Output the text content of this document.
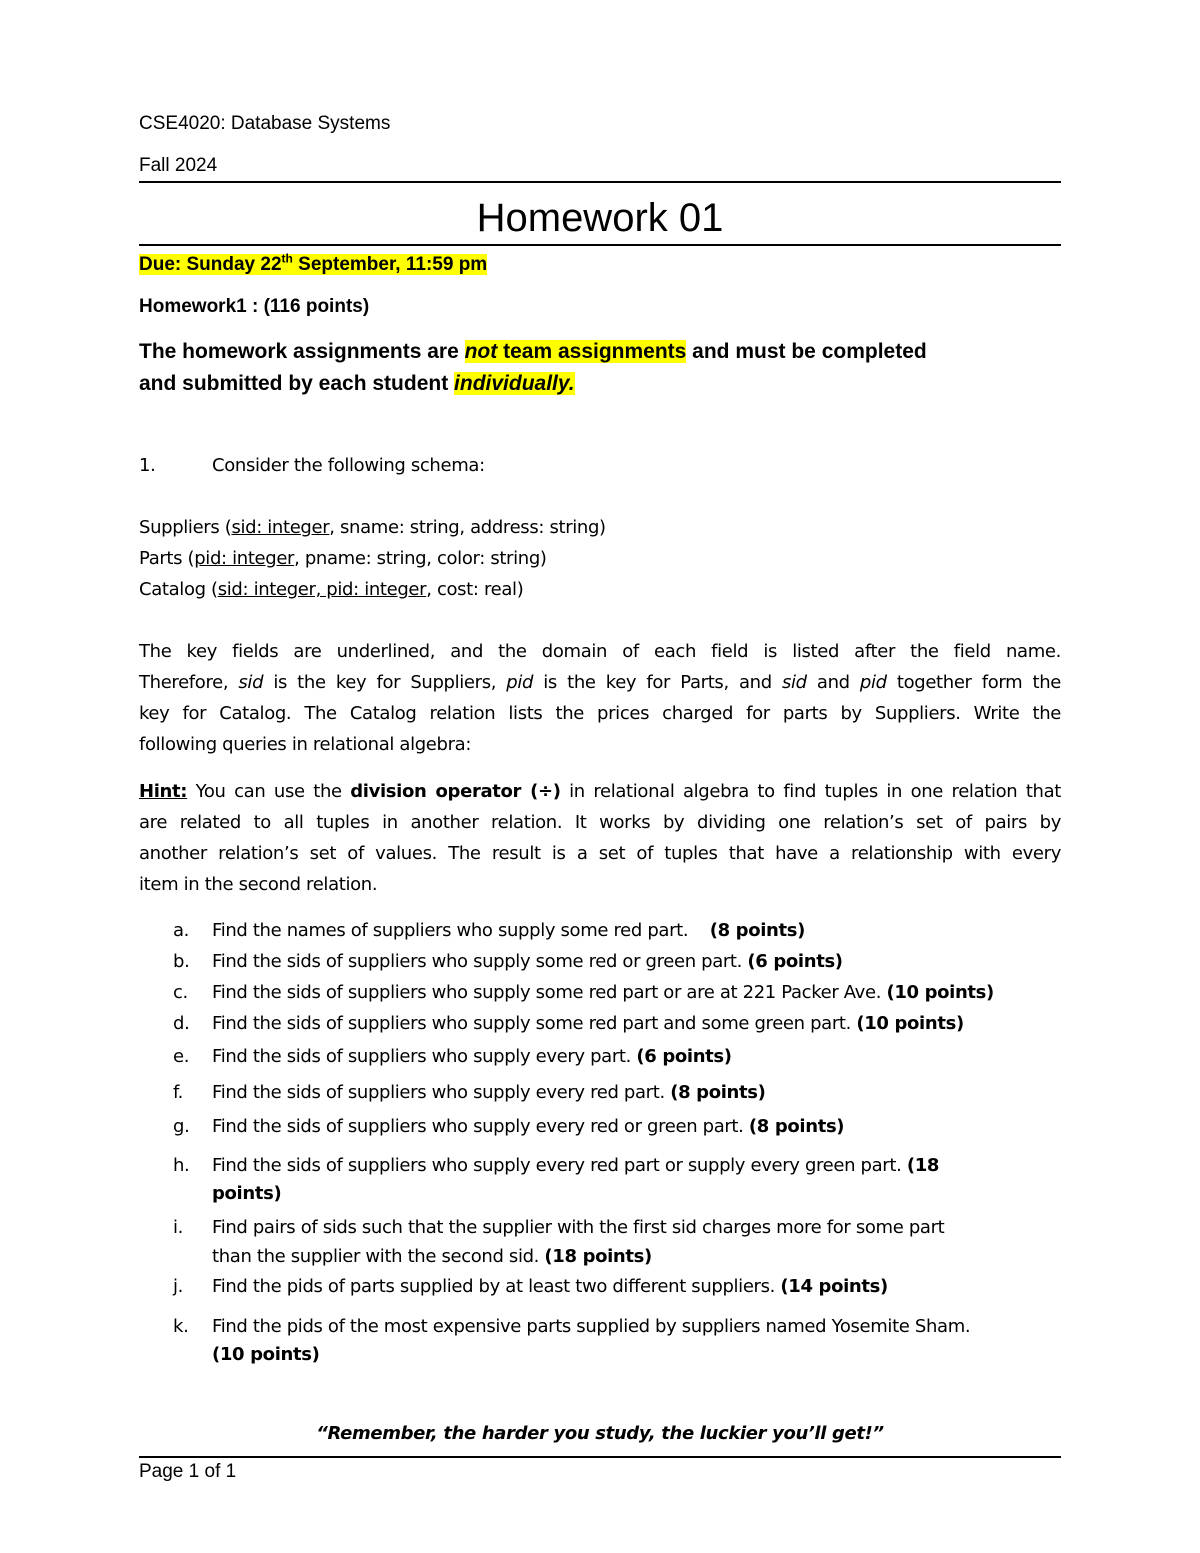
CSE4020: Database Systems
Fall 2024
Homework 01
Due: Sunday 22th September, 11:59 pm
Homework1 : (116 points)
The homework assignments are not team assignments and must be completed
and submitted by each student individually.
1.	Consider the following schema:
Suppliers (sid: integer, sname: string, address: string)
Parts (pid: integer, pname: string, color: string)
Catalog (sid: integer, pid: integer, cost: real)
The key fields are underlined, and the domain of each field is listed after the field name.
Therefore, sid is the key for Suppliers, pid is the key for Parts, and sid and pid together form the
key for Catalog. The Catalog relation lists the prices charged for parts by Suppliers. Write the
following queries in relational algebra:
Hint: You can use the division operator (÷) in relational algebra to find tuples in one relation that
are related to all tuples in another relation. It works by dividing one relation’s set of pairs by
another relation’s set of values. The result is a set of tuples that have a relationship with every
item in the second relation.
a. Find the names of suppliers who supply some red part. (8 points)
b. Find the sids of suppliers who supply some red or green part. (6 points)
c. Find the sids of suppliers who supply some red part or are at 221 Packer Ave. (10 points)
d. Find the sids of suppliers who supply some red part and some green part. (10 points)
e. Find the sids of suppliers who supply every part. (6 points)
f. Find the sids of suppliers who supply every red part. (8 points)
g. Find the sids of suppliers who supply every red or green part. (8 points)
h. Find the sids of suppliers who supply every red part or supply every green part. (18
points)
i. Find pairs of sids such that the supplier with the first sid charges more for some part
than the supplier with the second sid. (18 points)
j. Find the pids of parts supplied by at least two different suppliers. (14 points)
k. Find the pids of the most expensive parts supplied by suppliers named Yosemite Sham.
(10 points)
“Remember, the harder you study, the luckier you’ll get!”
Page 1 of 1
